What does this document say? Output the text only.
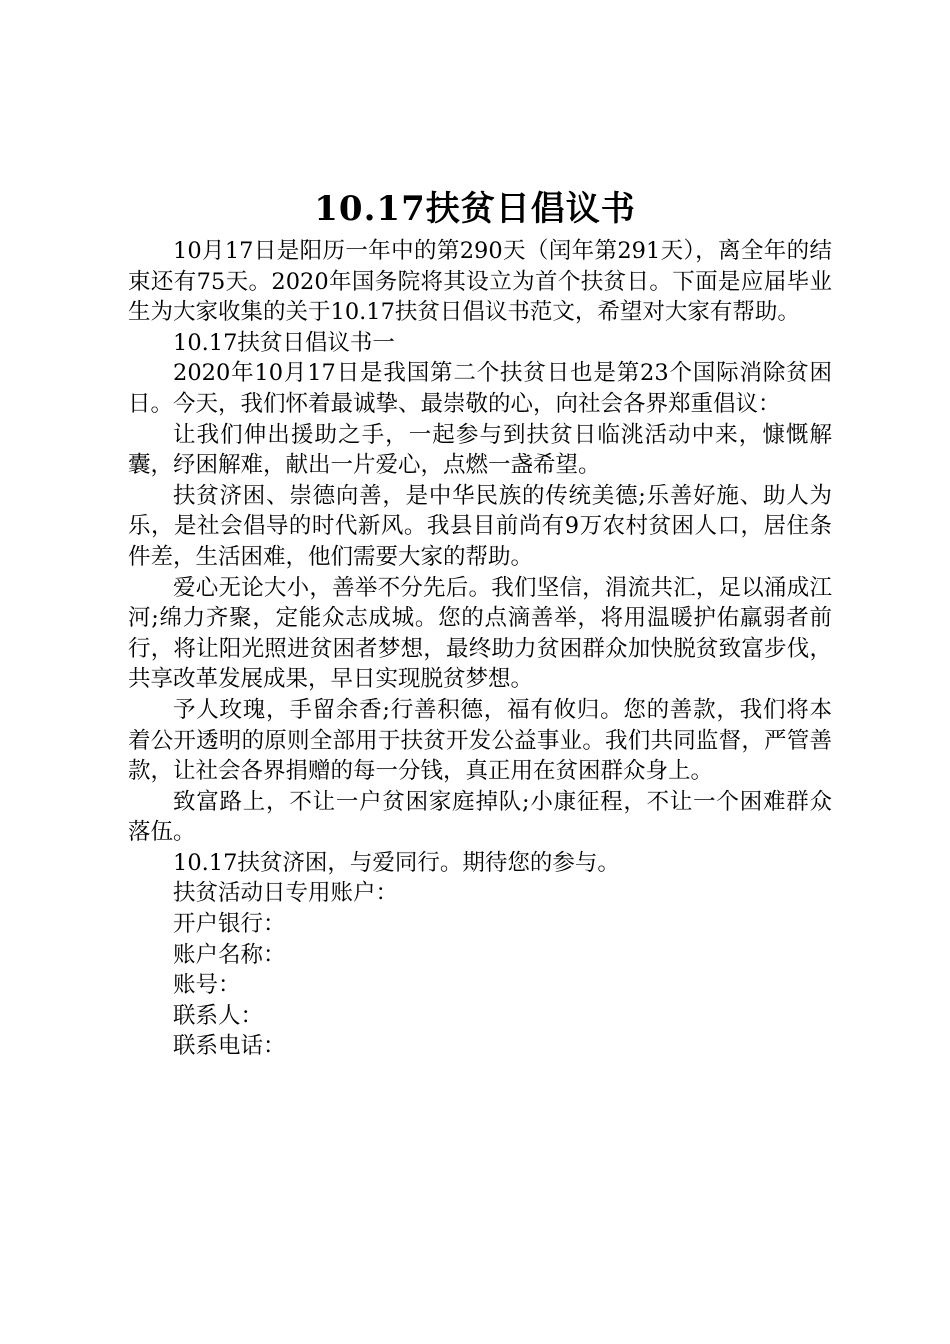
10.17扶贫日倡议书

10月17日是阳历一年中的第290天（闰年第291天），离全年的结束还有75天。2020年国务院将其设立为首个扶贫日。下面是应届毕业生为大家收集的关于10.17扶贫日倡议书范文，希望对大家有帮助。

10.17扶贫日倡议书一

2020年10月17日是我国第二个扶贫日也是第23个国际消除贫困日。今天，我们怀着最诚挚、最崇敬的心，向社会各界郑重倡议：

让我们伸出援助之手，一起参与到扶贫日临洮活动中来，慷慨解囊，纾困解难，献出一片爱心，点燃一盏希望。

扶贫济困、崇德向善，是中华民族的传统美德;乐善好施、助人为乐，是社会倡导的时代新风。我县目前尚有9万农村贫困人口，居住条件差，生活困难，他们需要大家的帮助。

爱心无论大小，善举不分先后。我们坚信，涓流共汇，足以涌成江河;绵力齐聚，定能众志成城。您的点滴善举，将用温暖护佑羸弱者前行，将让阳光照进贫困者梦想，最终助力贫困群众加快脱贫致富步伐，共享改革发展成果，早日实现脱贫梦想。

予人玫瑰，手留余香;行善积德，福有攸归。您的善款，我们将本着公开透明的原则全部用于扶贫开发公益事业。我们共同监督，严管善款，让社会各界捐赠的每一分钱，真正用在贫困群众身上。

致富路上，不让一户贫困家庭掉队;小康征程，不让一个困难群众落伍。

10.17扶贫济困，与爱同行。期待您的参与。

扶贫活动日专用账户：

开户银行：

账户名称：

账号：

联系人：

联系电话：
